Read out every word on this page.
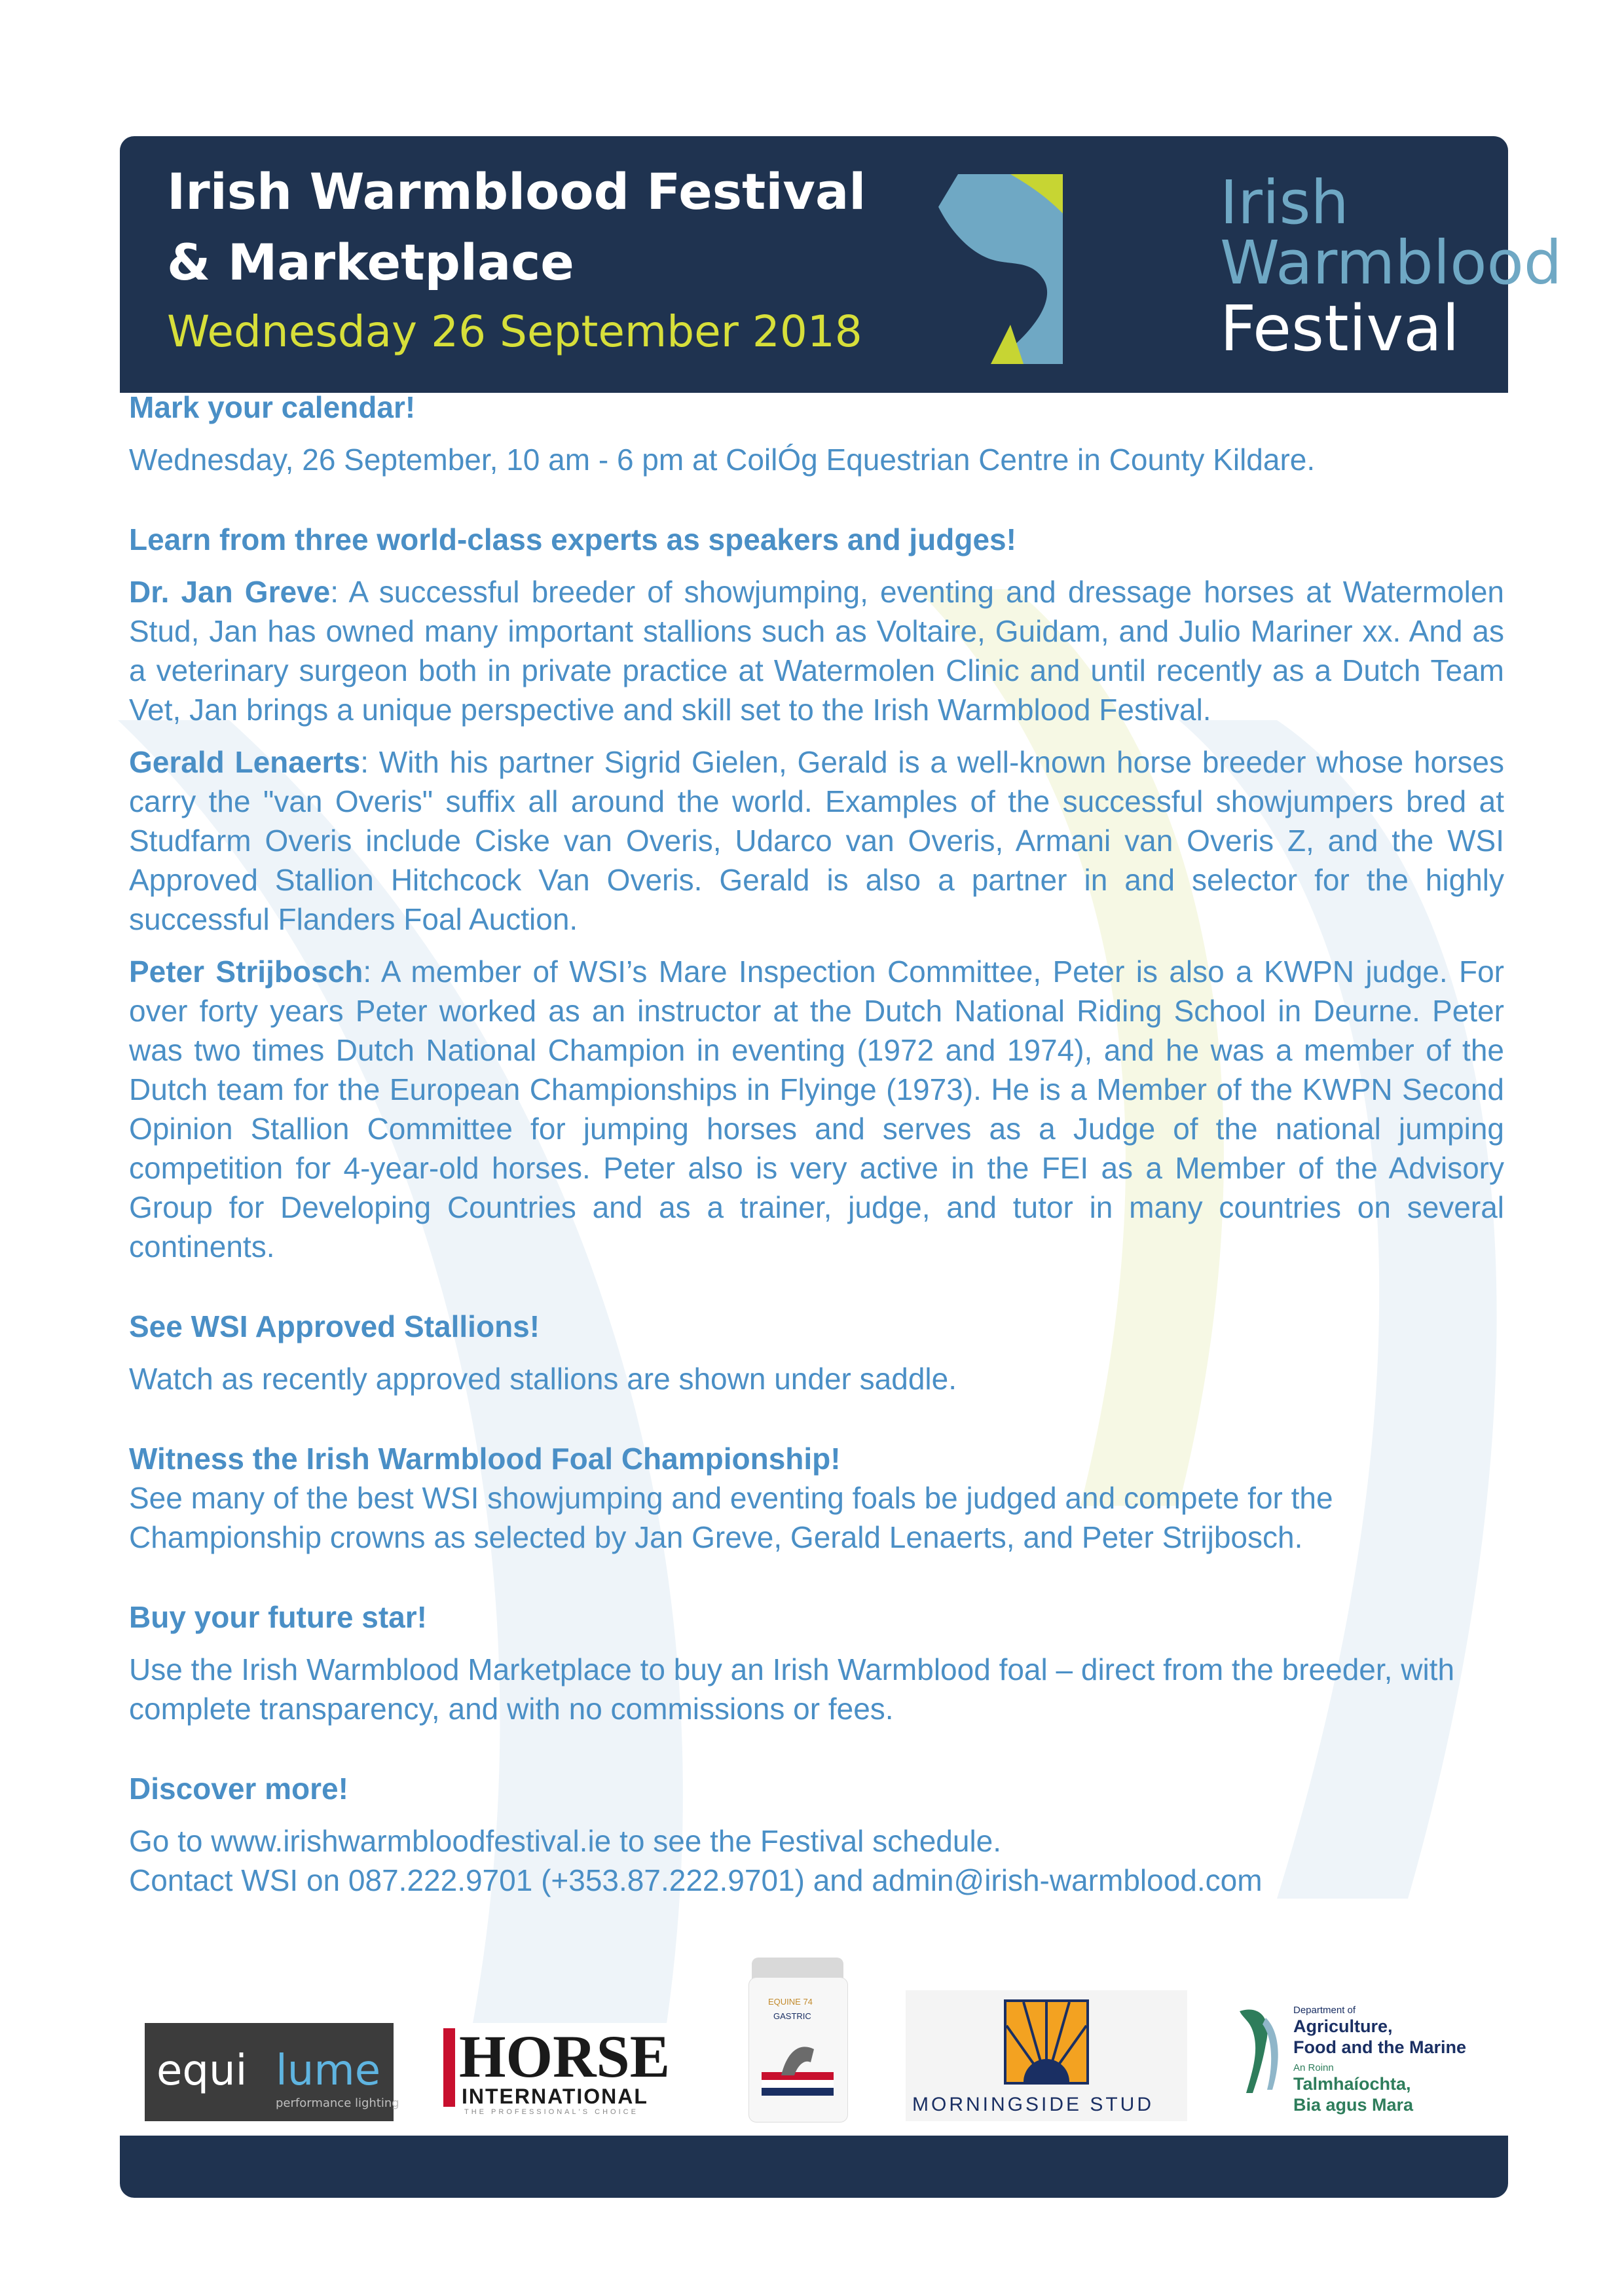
Irish Warmblood Festival
& Marketplace
Wednesday 26 September 2018
Irish
Warmblood
Festival

Mark your calendar!

Wednesday, 26 September, 10 am - 6 pm at CoilÓg Equestrian Centre in County Kildare.

Learn from three world-class experts as speakers and judges!

Dr. Jan Greve: A successful breeder of showjumping, eventing and dressage horses at Watermolen Stud, Jan has owned many important stallions such as Voltaire, Guidam, and Julio Mariner xx. And as a veterinary surgeon both in private practice at Watermolen Clinic and until recently as a Dutch Team Vet, Jan brings a unique perspective and skill set to the Irish Warmblood Festival.

Gerald Lenaerts: With his partner Sigrid Gielen, Gerald is a well-known horse breeder whose horses carry the "van Overis" suffix all around the world. Examples of the successful showjumpers bred at Studfarm Overis include Ciske van Overis, Udarco van Overis, Armani van Overis Z, and the WSI Approved Stallion Hitchcock Van Overis. Gerald is also a partner in and selector for the highly successful Flanders Foal Auction.

Peter Strijbosch: A member of WSI’s Mare Inspection Committee, Peter is also a KWPN judge. For over forty years Peter worked as an instructor at the Dutch National Riding School in Deurne. Peter was two times Dutch National Champion in eventing (1972 and 1974), and he was a member of the Dutch team for the European Championships in Flyinge (1973). He is a Member of the KWPN Second Opinion Stallion Committee for jumping horses and serves as a Judge of the national jumping competition for 4-year-old horses. Peter also is very active in the FEI as a Member of the Advisory Group for Developing Countries and as a trainer, judge, and tutor in many countries on several continents.

See WSI Approved Stallions!

Watch as recently approved stallions are shown under saddle.

Witness the Irish Warmblood Foal Championship!

See many of the best WSI showjumping and eventing foals be judged and compete for the Championship crowns as selected by Jan Greve, Gerald Lenaerts, and Peter Strijbosch.

Buy your future star!

Use the Irish Warmblood Marketplace to buy an Irish Warmblood foal – direct from the breeder, with complete transparency, and with no commissions or fees.

Discover more!

Go to www.irishwarmbloodfestival.ie to see the Festival schedule.

Contact WSI on 087.222.9701 (+353.87.222.9701) and admin@irish-warmblood.com

equi lume
performance lighting
HORSE
INTERNATIONAL
THE PROFESSIONAL'S CHOICE
EQUINE 74
GASTRIC
MORNINGSIDE STUD
Department of
Agriculture,
Food and the Marine
An Roinn
Talmhaíochta,
Bia agus Mara
